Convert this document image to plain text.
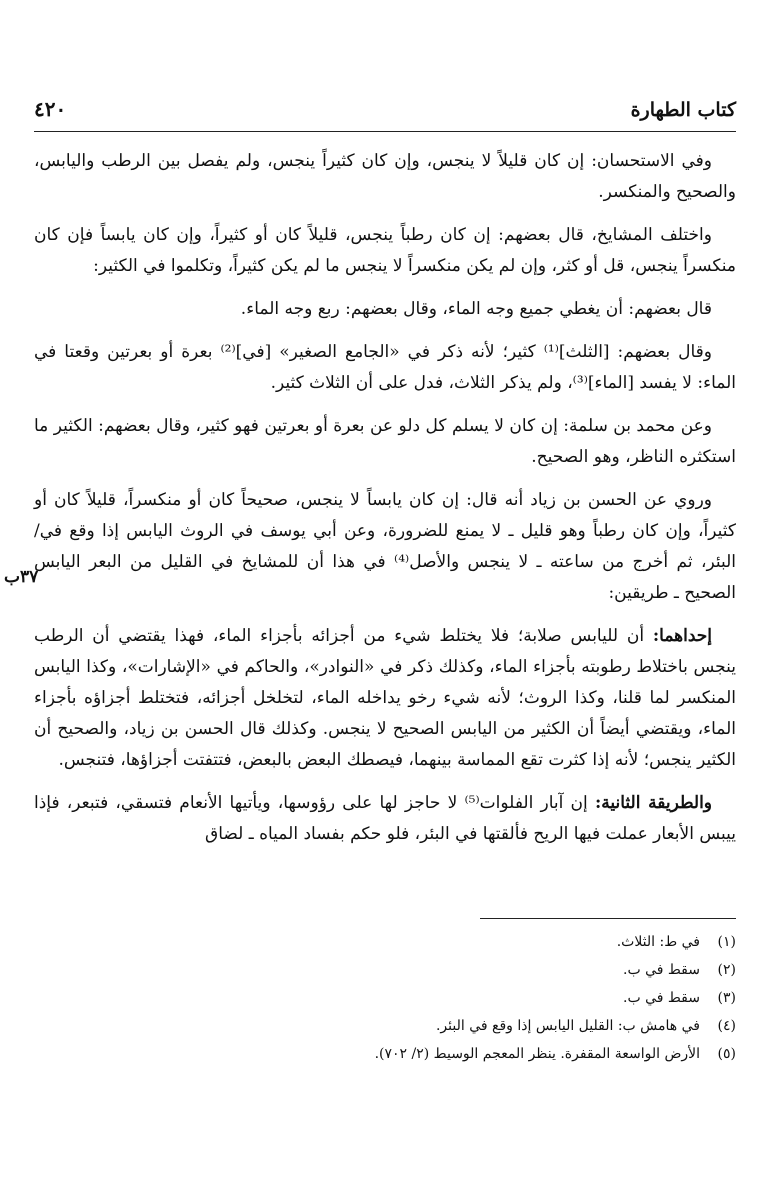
كتاب الطهارة
٤٢٠
٣٧ب

وفي الاستحسان: إن كان قليلاً لا ينجس، وإن كان كثيراً ينجس، ولم يفصل بين الرطب واليابس، والصحيح والمنكسر.

واختلف المشايخ، قال بعضهم: إن كان رطباً ينجس، قليلاً كان أو كثيراً، وإن كان يابساً فإن كان منكسراً ينجس، قل أو كثر، وإن لم يكن منكسراً لا ينجس ما لم يكن كثيراً، وتكلموا في الكثير:

قال بعضهم: أن يغطي جميع وجه الماء، وقال بعضهم: ربع وجه الماء.

وقال بعضهم: [الثلث]⁽¹⁾ كثير؛ لأنه ذكر في «الجامع الصغير» [في]⁽²⁾ بعرة أو بعرتين وقعتا في الماء: لا يفسد [الماء]⁽³⁾، ولم يذكر الثلاث، فدل على أن الثلاث كثير.

وعن محمد بن سلمة: إن كان لا يسلم كل دلو عن بعرة أو بعرتين فهو كثير، وقال بعضهم: الكثير ما استكثره الناظر، وهو الصحيح.

وروي عن الحسن بن زياد أنه قال: إن كان يابساً لا ينجس، صحيحاً كان أو منكسراً، قليلاً كان أو كثيراً، وإن كان رطباً وهو قليل ـ لا يمنع للضرورة، وعن أبي يوسف في الروث اليابس إذا وقع في/ البئر، ثم أخرج من ساعته ـ لا ينجس والأصل⁽⁴⁾ في هذا أن للمشايخ في القليل من البعر اليابس الصحيح ـ طريقين:

إحداهما: أن لليابس صلابة؛ فلا يختلط شيء من أجزائه بأجزاء الماء، فهذا يقتضي أن الرطب ينجس باختلاط رطوبته بأجزاء الماء، وكذلك ذكر في «النوادر»، والحاكم في «الإشارات»، وكذا اليابس المنكسر لما قلنا، وكذا الروث؛ لأنه شيء رخو يداخله الماء، لتخلخل أجزائه، فتختلط أجزاؤه بأجزاء الماء، ويقتضي أيضاً أن الكثير من اليابس الصحيح لا ينجس. وكذلك قال الحسن بن زياد، والصحيح أن الكثير ينجس؛ لأنه إذا كثرت تقع المماسة بينهما، فيصطك البعض بالبعض، فتتفتت أجزاؤها، فتنجس.

والطريقة الثانية: إن آبار الفلوات⁽⁵⁾ لا حاجز لها على رؤوسها، ويأتيها الأنعام فتسقي، فتبعر، فإذا ييبس الأبعار عملت فيها الريح فألقتها في البئر، فلو حكم بفساد المياه ـ لضاق

(١)في ط: الثلاث.
(٢)سقط في ب.
(٣)سقط في ب.
(٤)في هامش ب: القليل اليابس إذا وقع في البئر.
(٥)الأرض الواسعة المقفرة. ينظر المعجم الوسيط (٢/ ٧٠٢).
